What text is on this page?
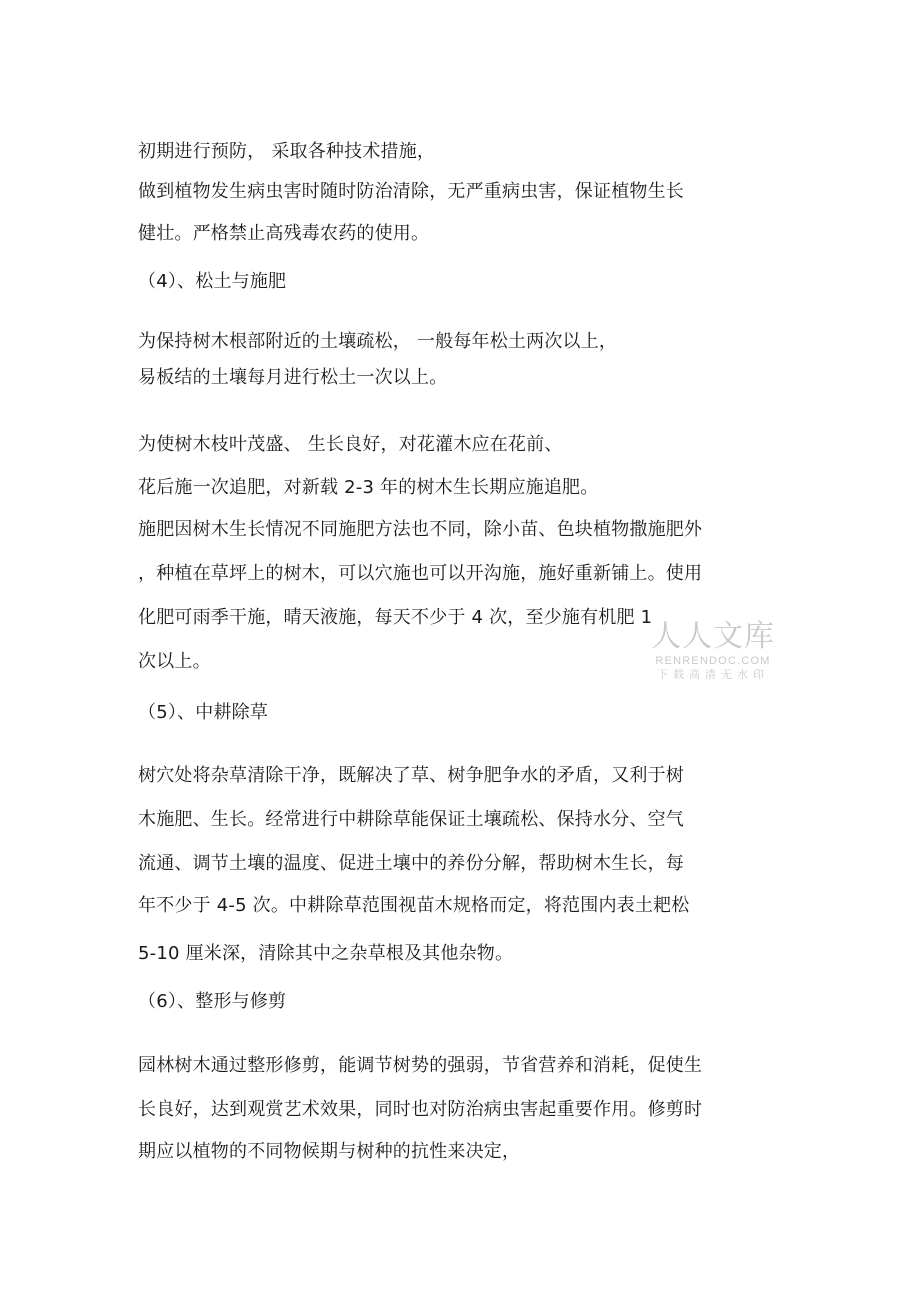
初期进行预防， 采取各种技术措施，
做到植物发生病虫害时随时防治清除，无严重病虫害，保证植物生长
健壮。严格禁止高残毒农药的使用。
（4）、松土与施肥
为保持树木根部附近的土壤疏松， 一般每年松土两次以上，
易板结的土壤每月进行松土一次以上。
为使树木枝叶茂盛、 生长良好，对花灌木应在花前、
花后施一次追肥，对新载 2-3 年的树木生长期应施追肥。
施肥因树木生长情况不同施肥方法也不同，除小苗、色块植物撒施肥外
，种植在草坪上的树木，可以穴施也可以开沟施，施好重新铺上。使用
化肥可雨季干施，晴天液施，每天不少于 4 次，至少施有机肥 1
次以上。
（5）、中耕除草
树穴处将杂草清除干净，既解决了草、树争肥争水的矛盾，又利于树
木施肥、生长。经常进行中耕除草能保证土壤疏松、保持水分、空气
流通、调节土壤的温度、促进土壤中的养份分解，帮助树木生长，每
年不少于 4-5 次。中耕除草范围视苗木规格而定，将范围内表土耙松
5-10 厘米深，清除其中之杂草根及其他杂物。
（6）、整形与修剪
园林树木通过整形修剪，能调节树势的强弱，节省营养和消耗，促使生
长良好，达到观赏艺术效果，同时也对防治病虫害起重要作用。修剪时
期应以植物的不同物候期与树种的抗性来决定，
人人文库
RENRENDOC.COM
下载高清无水印
